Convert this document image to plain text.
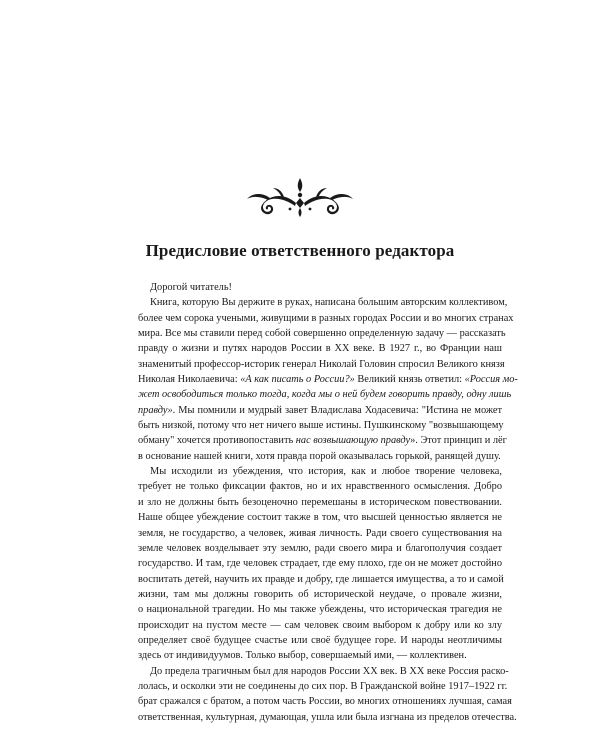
Предисловие ответственного редактора
Дорогой читатель!
Книга, которую Вы держите в руках, написана большим авторским коллективом,
более чем сорока учеными, живущими в разных городах России и во многих странах
мира. Все мы ставили перед собой совершенно определенную задачу — рассказать
правду о жизни и путях народов России в XX веке. В 1927 г., во Франции наш
знаменитый профессор-историк генерал Николай Головин спросил Великого князя
Николая Николаевича: «А как писать о России?» Великий князь ответил: «Россия мо-
жет освободиться только тогда, когда мы о ней будем говорить правду, одну лишь
правду». Мы помнили и мудрый завет Владислава Ходасевича: "Истина не может
быть низкой, потому что нет ничего выше истины. Пушкинскому "возвышающему
обману" хочется противопоставить нас возвышающую правду». Этот принцип и лёг
в основание нашей книги, хотя правда порой оказывалась горькой, ранящей душу.
Мы исходили из убеждения, что история, как и любое творение человека,
требует не только фиксации фактов, но и их нравственного осмысления. Добро
и зло не должны быть безоценочно перемешаны в историческом повествовании.
Наше общее убеждение состоит также в том, что высшей ценностью является не
земля, не государство, а человек, живая личность. Ради своего существования на
земле человек возделывает эту землю, ради своего мира и благополучия создает
государство. И там, где человек страдает, где ему плохо, где он не может достойно
воспитать детей, научить их правде и добру, где лишается имущества, а то и самой
жизни, там мы должны говорить об исторической неудаче, о провале жизни,
о национальной трагедии. Но мы также убеждены, что историческая трагедия не
происходит на пустом месте — сам человек своим выбором к добру или ко злу
определяет своё будущее счастье или своё будущее горе. И народы неотличимы
здесь от индивидуумов. Только выбор, совершаемый ими, — коллективен.
До предела трагичным был для народов России XX век. В XX веке Россия раско-
лолась, и осколки эти не соединены до сих пор. В Гражданской войне 1917–1922 гг.
брат сражался с братом, а потом часть России, во многих отношениях лучшая, самая
ответственная, культурная, думающая, ушла или была изгнана из пределов отечества.
